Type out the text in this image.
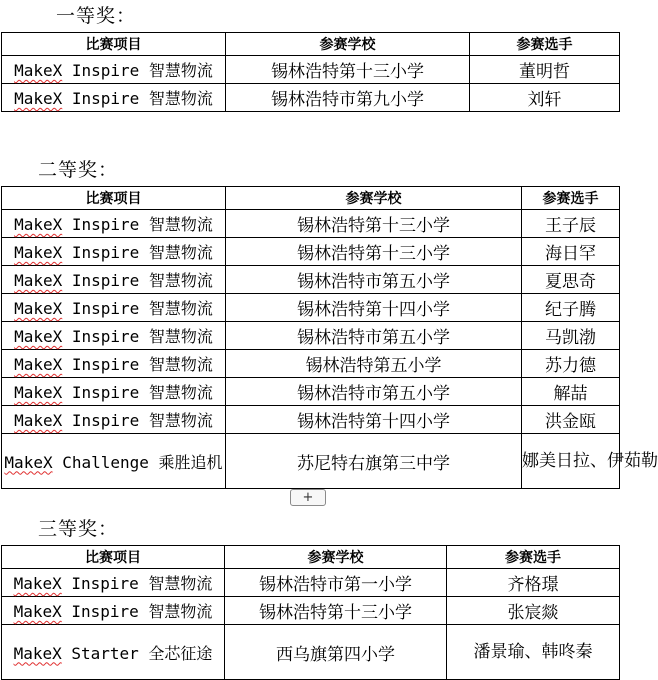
一等奖：
比赛项目	参赛学校	参赛选手
MakeX Inspire 智慧物流	锡林浩特第十三小学	董明哲
MakeX Inspire 智慧物流	锡林浩特市第九小学	刘轩
二等奖：
比赛项目	参赛学校	参赛选手
MakeX Inspire 智慧物流	锡林浩特第十三小学	王子辰
MakeX Inspire 智慧物流	锡林浩特第十三小学	海日罕
MakeX Inspire 智慧物流	锡林浩特市第五小学	夏思奇
MakeX Inspire 智慧物流	锡林浩特第十四小学	纪子腾
MakeX Inspire 智慧物流	锡林浩特市第五小学	马凯渤
MakeX Inspire 智慧物流	锡林浩特第五小学	苏力德
MakeX Inspire 智慧物流	锡林浩特市第五小学	解喆
MakeX Inspire 智慧物流	锡林浩特第十四小学	洪金瓯
MakeX Challenge 乘胜追机	苏尼特右旗第三中学	娜美日拉、伊茹勒
+
三等奖：
比赛项目	参赛学校	参赛选手
MakeX Inspire 智慧物流	锡林浩特市第一小学	齐格璟
MakeX Inspire 智慧物流	锡林浩特第十三小学	张宸燚
MakeX Starter 全芯征途	西乌旗第四小学	潘景瑜、韩咚秦
